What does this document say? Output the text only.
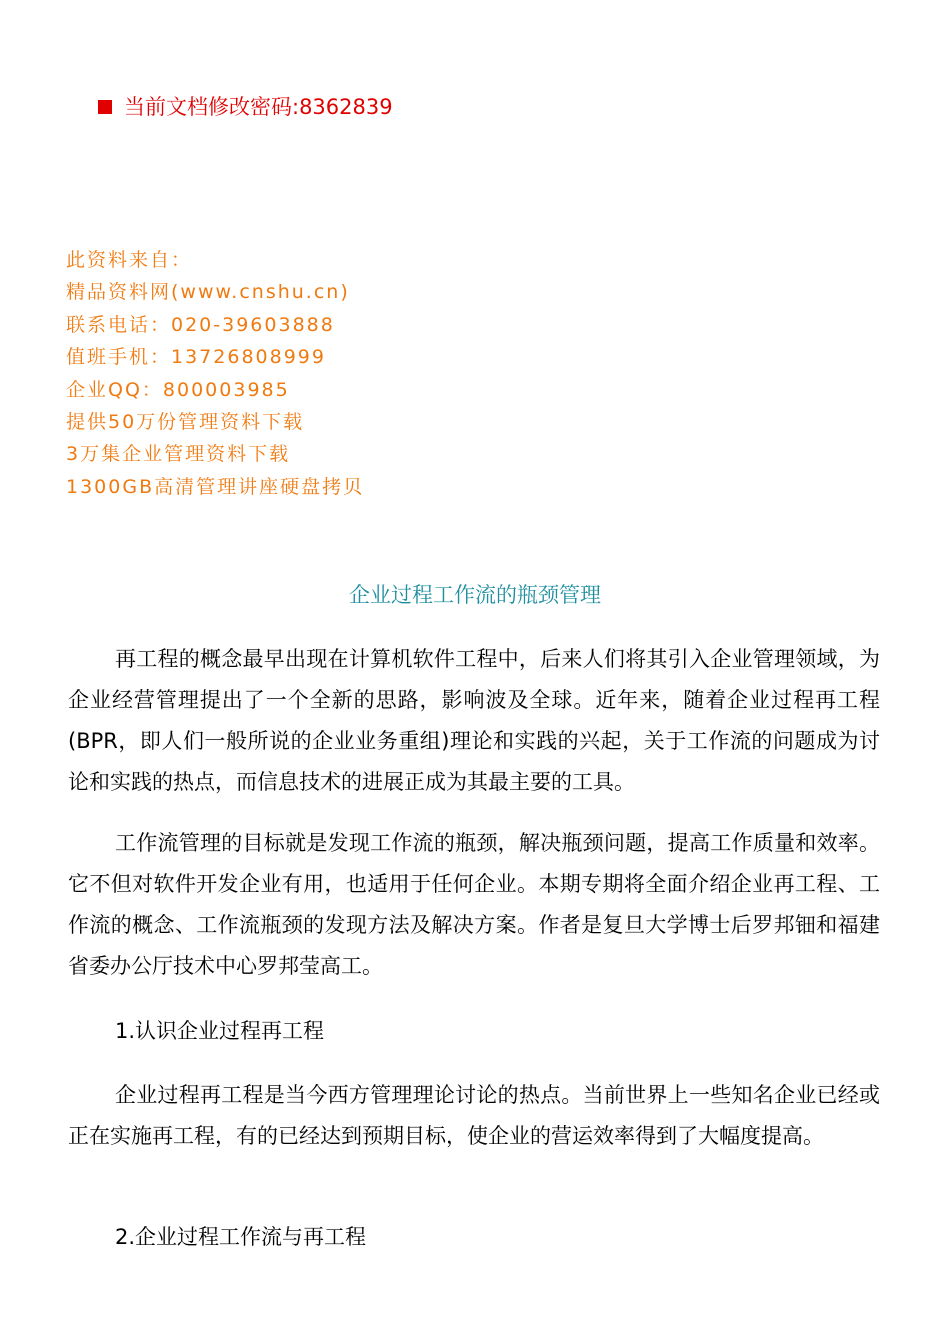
当前文档修改密码:8362839
此资料来自：
精品资料网(www.cnshu.cn)
联系电话：020-39603888
值班手机：13726808999
企业QQ：800003985
提供50万份管理资料下载
3万集企业管理资料下载
1300GB高清管理讲座硬盘拷贝
企业过程工作流的瓶颈管理

再工程的概念最早出现在计算机软件工程中，后来人们将其引入企业管理领域，为企业经营管理提出了一个全新的思路，影响波及全球。近年来，随着企业过程再工程(BPR，即人们一般所说的企业业务重组)理论和实践的兴起，关于工作流的问题成为讨论和实践的热点，而信息技术的进展正成为其最主要的工具。

工作流管理的目标就是发现工作流的瓶颈，解决瓶颈问题，提高工作质量和效率。它不但对软件开发企业有用，也适用于任何企业。本期专期将全面介绍企业再工程、工作流的概念、工作流瓶颈的发现方法及解决方案。作者是复旦大学博士后罗邦钿和福建省委办公厅技术中心罗邦莹高工。

1.认识企业过程再工程

企业过程再工程是当今西方管理理论讨论的热点。当前世界上一些知名企业已经或正在实施再工程，有的已经达到预期目标，使企业的营运效率得到了大幅度提高。

2.企业过程工作流与再工程
